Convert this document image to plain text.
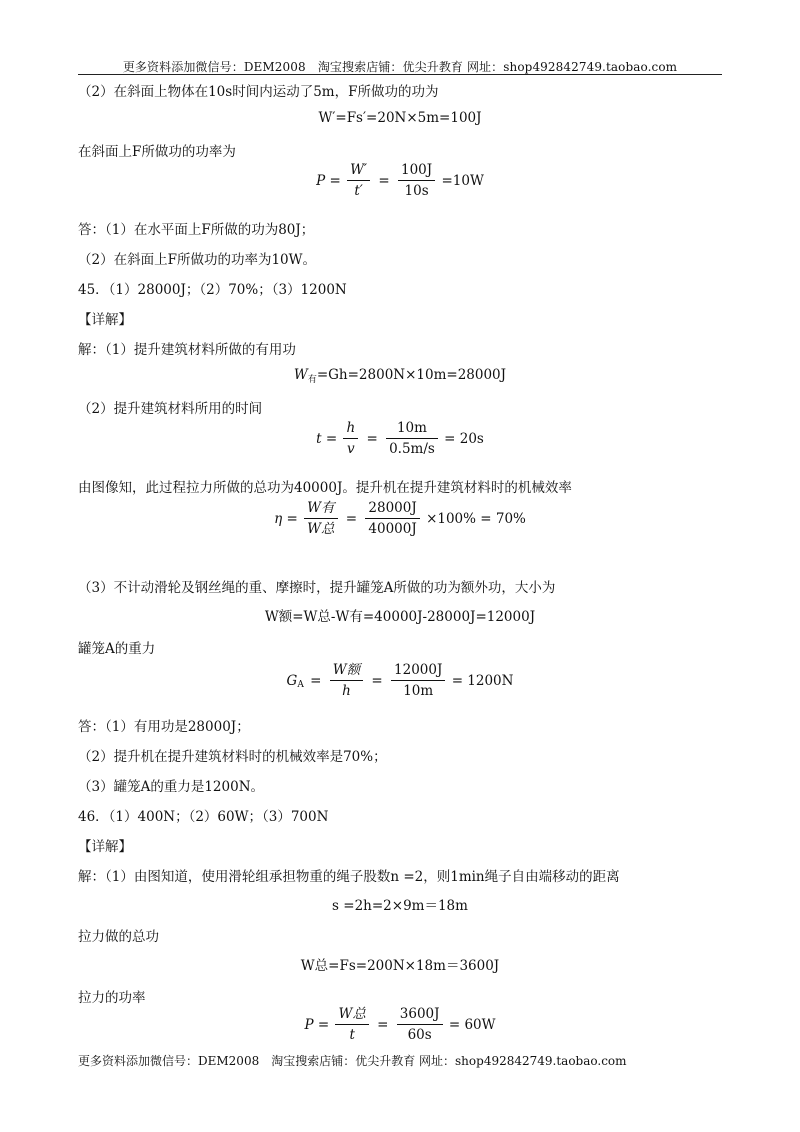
更多资料添加微信号：DEM2008　淘宝搜索店铺：优尖升教育 网址：shop492842749.taobao.com
（2）在斜面上物体在10s时间内运动了5m，F所做功的功为
W′=Fs′=20N×5m=100J
在斜面上F所做功的功率为
$P = \frac{W'}{t'} = \frac{100J}{10s} =10W$
答：（1）在水平面上F所做的功为80J；
（2）在斜面上F所做功的功率为10W。
45．（1）28000J；（2）70%；（3）1200N
【详解】
解：（1）提升建筑材料所做的有用功
$W_有=Gh=2800N\times 10m=28000J$
（2）提升建筑材料所用的时间
$t = \frac{h}{v} = \frac{10m}{0.5m/s} = 20s$
由图像知，此过程拉力所做的总功为40000J。提升机在提升建筑材料时的机械效率
$\eta = \frac{\text{W有}}{\text{W总}} = \frac{28000J}{40000J} \times 100\% = 70\%$
（3）不计动滑轮及钢丝绳的重、摩擦时，提升罐笼A所做的功为额外功，大小为
W额=W总-W有=40000J-28000J=12000J
罐笼A的重力
$G_A = \frac{\text{W额}}{h} = \frac{12000J}{10m} = 1200N$
答：（1）有用功是28000J；
（2）提升机在提升建筑材料时的机械效率是70%；
（3）罐笼A的重力是1200N。
46．（1）400N；（2）60W；（3）700N
【详解】
解：（1）由图知道，使用滑轮组承担物重的绳子股数n =2，则1min绳子自由端移动的距离
s =2h=2×9m＝18m
拉力做的总功
W总=Fs=200N×18m＝3600J
拉力的功率
$P = \frac{\text{W总}}{t} = \frac{3600J}{60s} = 60W$
更多资料添加微信号：DEM2008　淘宝搜索店铺：优尖升教育 网址：shop492842749.taobao.com
